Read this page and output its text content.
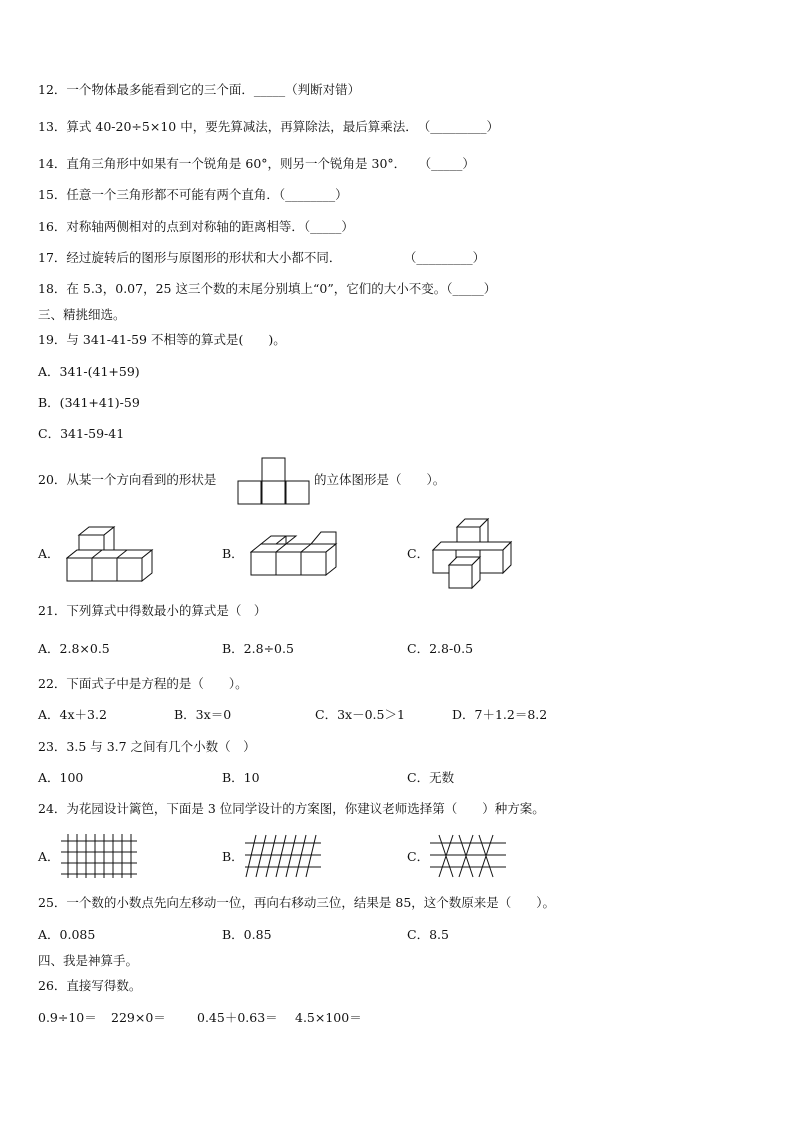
12．一个物体最多能看到它的三个面．_____（判断对错）
13．算式 40-20÷5×10 中，要先算减法，再算除法，最后算乘法．　（_________）
14．直角三角形中如果有一个锐角是 60°，则另一个锐角是 30°．　　（_____）
15．任意一个三角形都不可能有两个直角．（________）
16．对称轴两侧相对的点到对称轴的距离相等．（_____）
17．经过旋转后的图形与原图形的形状和大小都不同．　　　　　　（_________）
18．在 5.3，0.07，25 这三个数的末尾分别填上“0”，它们的大小不变。（_____）
三、精挑细选。
19．与 341-41-59 不相等的算式是(　　)。
A．341-(41+59)
B．(341+41)-59
C．341-59-41
20．从某一个方向看到的形状是	的立体图形是（　　）。
A．	B．	C．
21．下列算式中得数最小的算式是（　）
A．2.8×0.5	B．2.8÷0.5	C．2.8-0.5
22．下面式子中是方程的是（　　）。
A．4x＋3.2	B．3x＝0	C．3x－0.5＞1	D．7＋1.2＝8.2
23．3.5 与 3.7 之间有几个小数（　）
A．100	B．10	C．无数
24．为花园设计篱笆，下面是 3 位同学设计的方案图，你建议老师选择第（　　）种方案。
A．	B．	C．
25．一个数的小数点先向左移动一位，再向右移动三位，结果是 85，这个数原来是（　　）。
A．0.085	B．0.85	C．8.5
四、我是神算手。
26．直接写得数。
0.9÷10＝ 229×0＝ 0.45＋0.63＝ 4.5×100＝
